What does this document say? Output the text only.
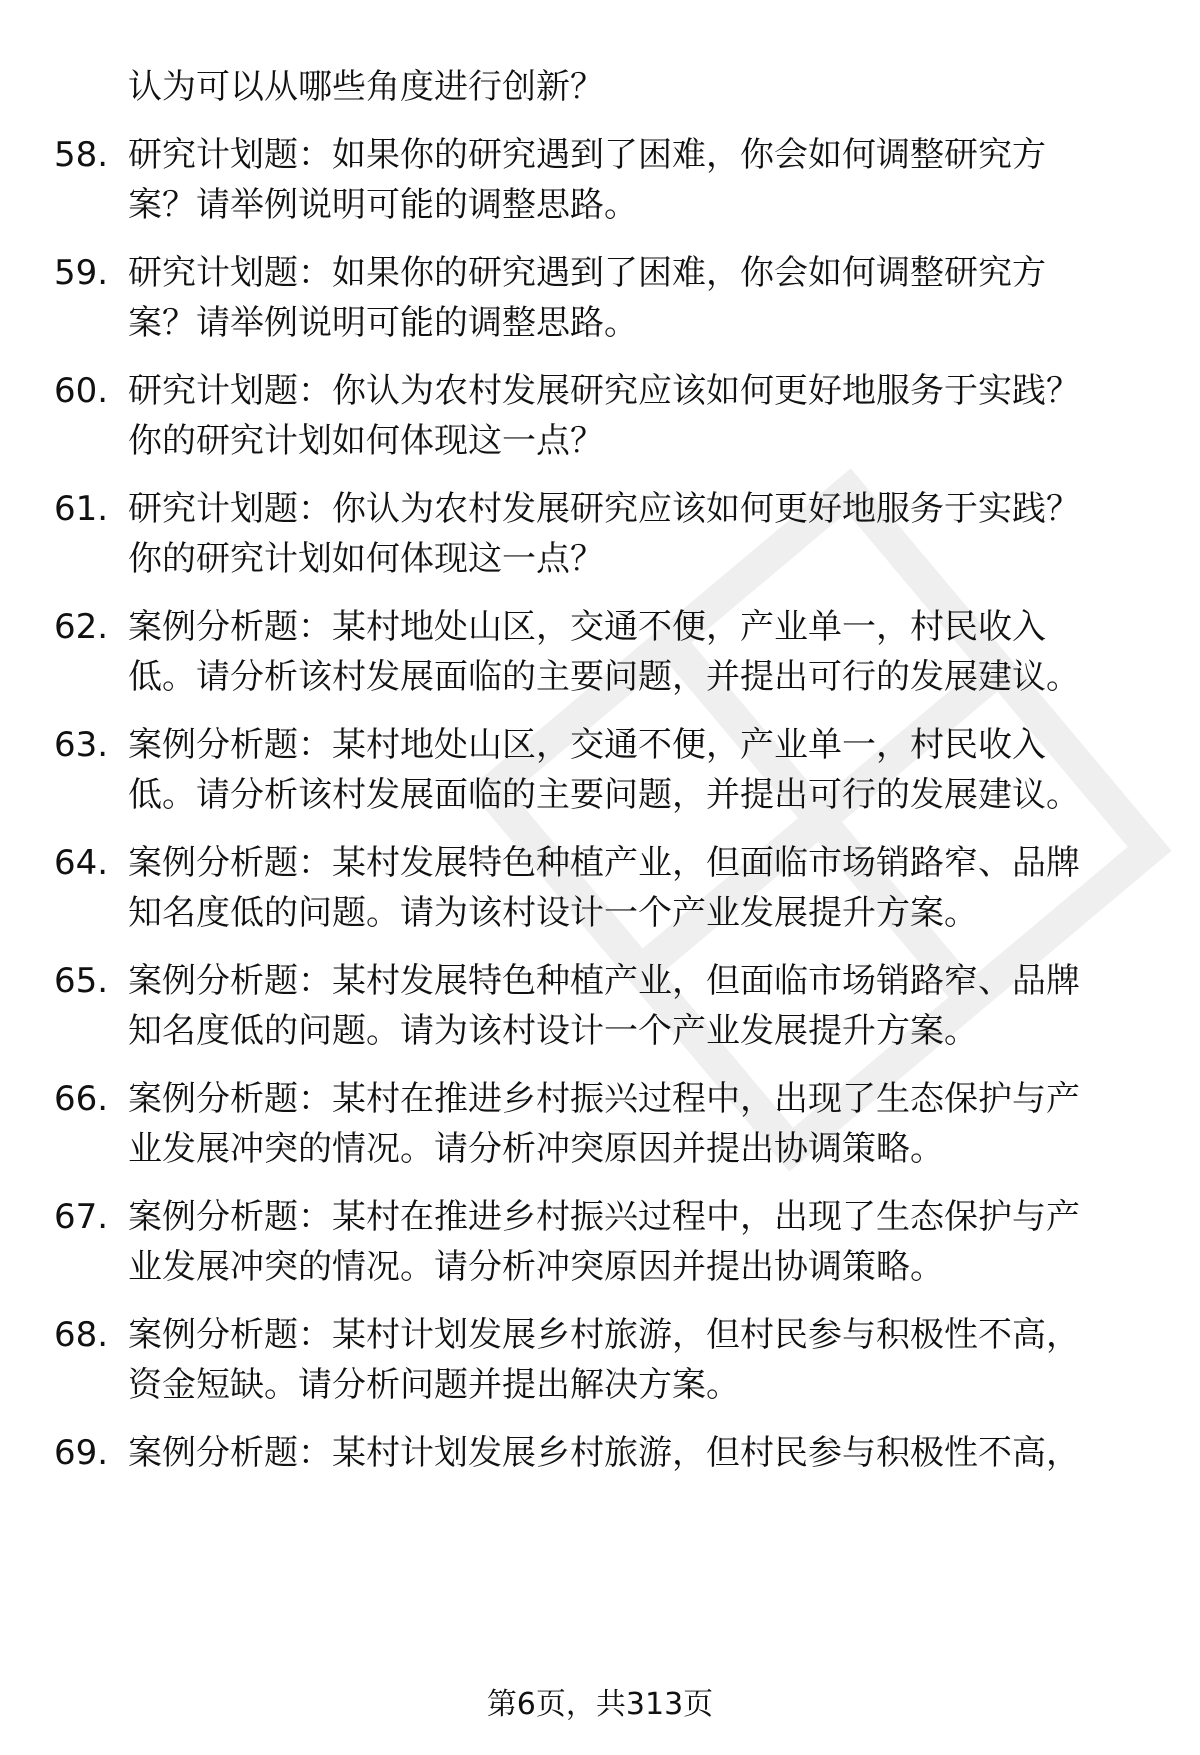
认为可以从哪些角度进行创新？
58. 研究计划题：如果你的研究遇到了困难，你会如何调整研究方
案？请举例说明可能的调整思路。
59. 研究计划题：如果你的研究遇到了困难，你会如何调整研究方
案？请举例说明可能的调整思路。
60. 研究计划题：你认为农村发展研究应该如何更好地服务于实践？
你的研究计划如何体现这一点？
61. 研究计划题：你认为农村发展研究应该如何更好地服务于实践？
你的研究计划如何体现这一点？
62. 案例分析题：某村地处山区，交通不便，产业单一，村民收入
低。请分析该村发展面临的主要问题，并提出可行的发展建议。
63. 案例分析题：某村地处山区，交通不便，产业单一，村民收入
低。请分析该村发展面临的主要问题，并提出可行的发展建议。
64. 案例分析题：某村发展特色种植产业，但面临市场销路窄、品牌
知名度低的问题。请为该村设计一个产业发展提升方案。
65. 案例分析题：某村发展特色种植产业，但面临市场销路窄、品牌
知名度低的问题。请为该村设计一个产业发展提升方案。
66. 案例分析题：某村在推进乡村振兴过程中，出现了生态保护与产
业发展冲突的情况。请分析冲突原因并提出协调策略。
67. 案例分析题：某村在推进乡村振兴过程中，出现了生态保护与产
业发展冲突的情况。请分析冲突原因并提出协调策略。
68. 案例分析题：某村计划发展乡村旅游，但村民参与积极性不高，
资金短缺。请分析问题并提出解决方案。
69. 案例分析题：某村计划发展乡村旅游，但村民参与积极性不高，
第6页，共313页
